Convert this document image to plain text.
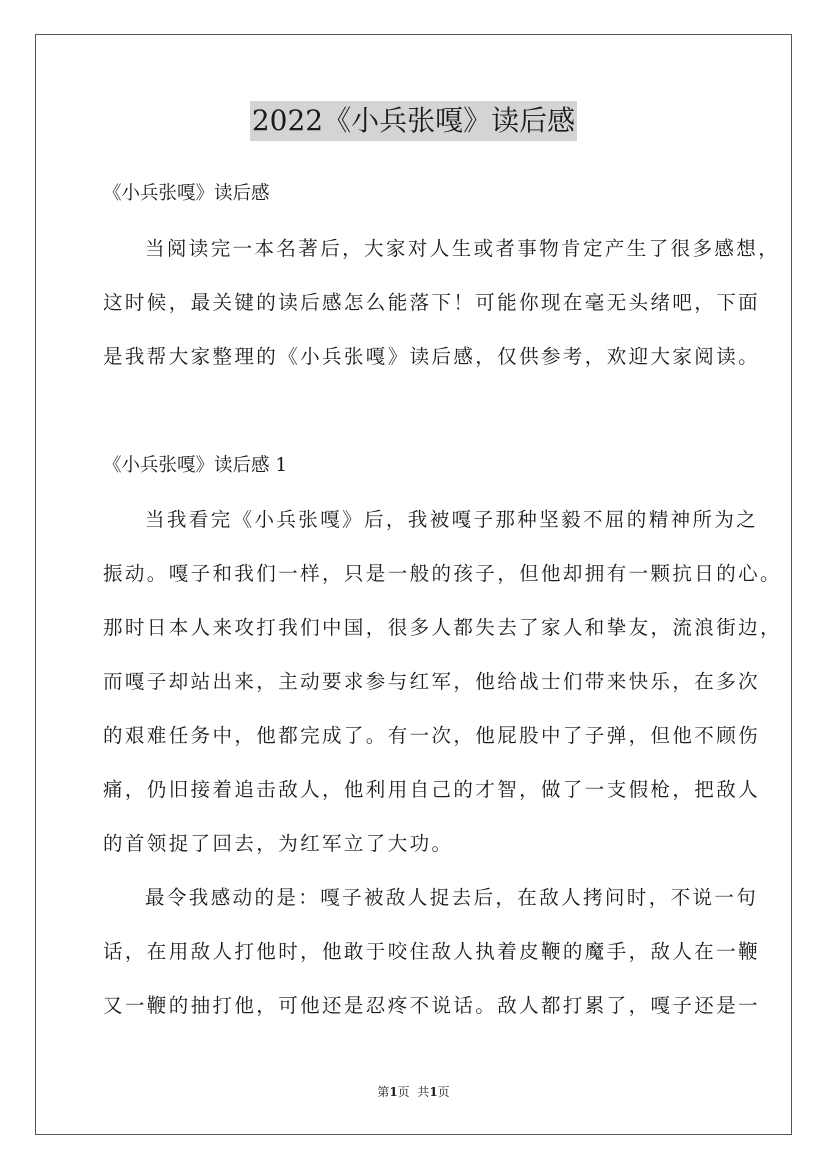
2022《小兵张嘎》读后感
《小兵张嘎》读后感
当阅读完一本名著后，大家对人生或者事物肯定产生了很多感想，
这时候，最关键的读后感怎么能落下！可能你现在毫无头绪吧，下面
是我帮大家整理的《小兵张嘎》读后感，仅供参考，欢迎大家阅读。
《小兵张嘎》读后感 1
当我看完《小兵张嘎》后，我被嘎子那种坚毅不屈的精神所为之
振动。嘎子和我们一样，只是一般的孩子，但他却拥有一颗抗日的心。
那时日本人来攻打我们中国，很多人都失去了家人和挚友，流浪街边，
而嘎子却站出来，主动要求参与红军，他给战士们带来快乐，在多次
的艰难任务中，他都完成了。有一次，他屁股中了子弹，但他不顾伤
痛，仍旧接着追击敌人，他利用自己的才智，做了一支假枪，把敌人
的首领捉了回去，为红军立了大功。
最令我感动的是：嘎子被敌人捉去后，在敌人拷问时，不说一句
话，在用敌人打他时，他敢于咬住敌人执着皮鞭的魔手，敌人在一鞭
又一鞭的抽打他，可他还是忍疼不说话。敌人都打累了，嘎子还是一
第1页  共1页
